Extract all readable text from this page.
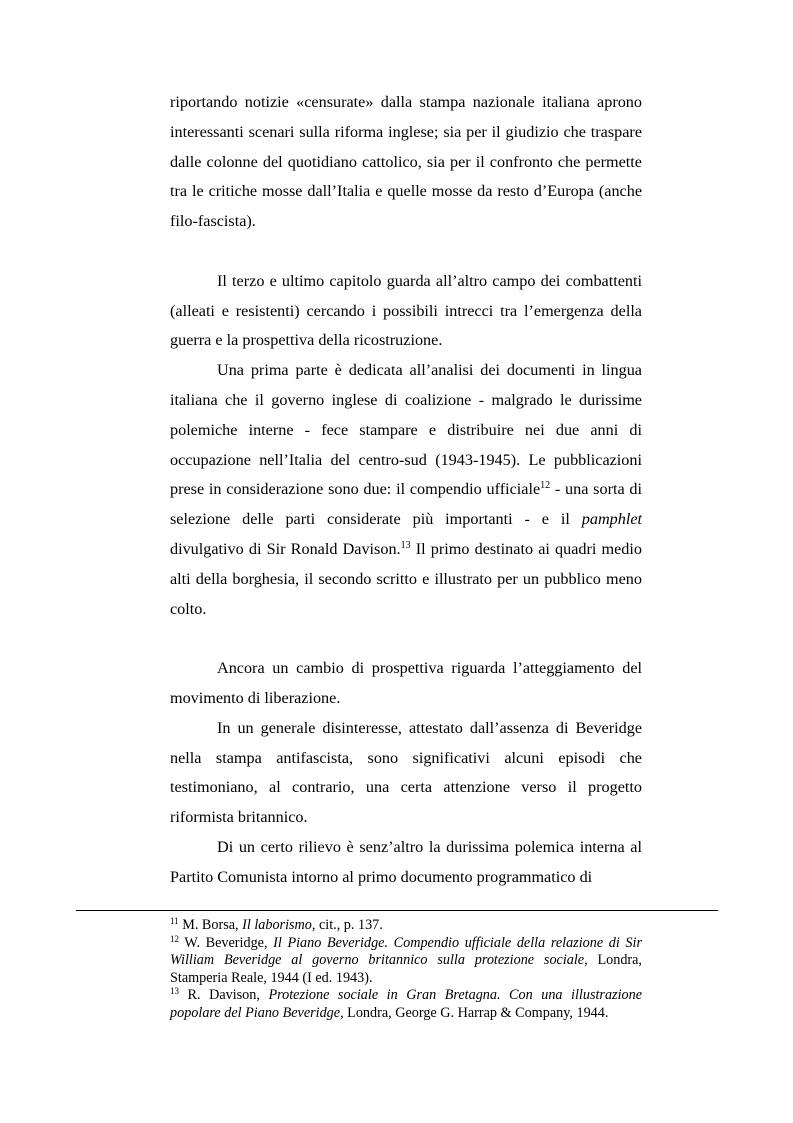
riportando notizie «censurate» dalla stampa nazionale italiana aprono interessanti scenari sulla riforma inglese; sia per il giudizio che traspare dalle colonne del quotidiano cattolico, sia per il confronto che permette tra le critiche mosse dall’Italia e quelle mosse da resto d’Europa (anche filo-fascista).

Il terzo e ultimo capitolo guarda all’altro campo dei combattenti (alleati e resistenti) cercando i possibili intrecci tra l’emergenza della guerra e la prospettiva della ricostruzione.

Una prima parte è dedicata all’analisi dei documenti in lingua italiana che il governo inglese di coalizione - malgrado le durissime polemiche interne - fece stampare e distribuire nei due anni di occupazione nell’Italia del centro-sud (1943-1945). Le pubblicazioni prese in considerazione sono due: il compendio ufficiale$^{12}$ - una sorta di selezione delle parti considerate più importanti - e il pamphlet divulgativo di Sir Ronald Davison.$^{13}$ Il primo destinato ai quadri medio alti della borghesia, il secondo scritto e illustrato per un pubblico meno colto.

Ancora un cambio di prospettiva riguarda l’atteggiamento del movimento di liberazione.

In un generale disinteresse, attestato dall’assenza di Beveridge nella stampa antifascista, sono significativi alcuni episodi che testimoniano, al contrario, una certa attenzione verso il progetto riformista britannico.

Di un certo rilievo è senz’altro la durissima polemica interna al Partito Comunista intorno al primo documento programmatico di

$^{11}$ M. Borsa, Il laborismo, cit., p. 137.

$^{12}$ W. Beveridge, Il Piano Beveridge. Compendio ufficiale della relazione di Sir William Beveridge al governo britannico sulla protezione sociale, Londra, Stamperia Reale, 1944 (I ed. 1943).

$^{13}$ R. Davison, Protezione sociale in Gran Bretagna. Con una illustrazione popolare del Piano Beveridge, Londra, George G. Harrap & Company, 1944.
